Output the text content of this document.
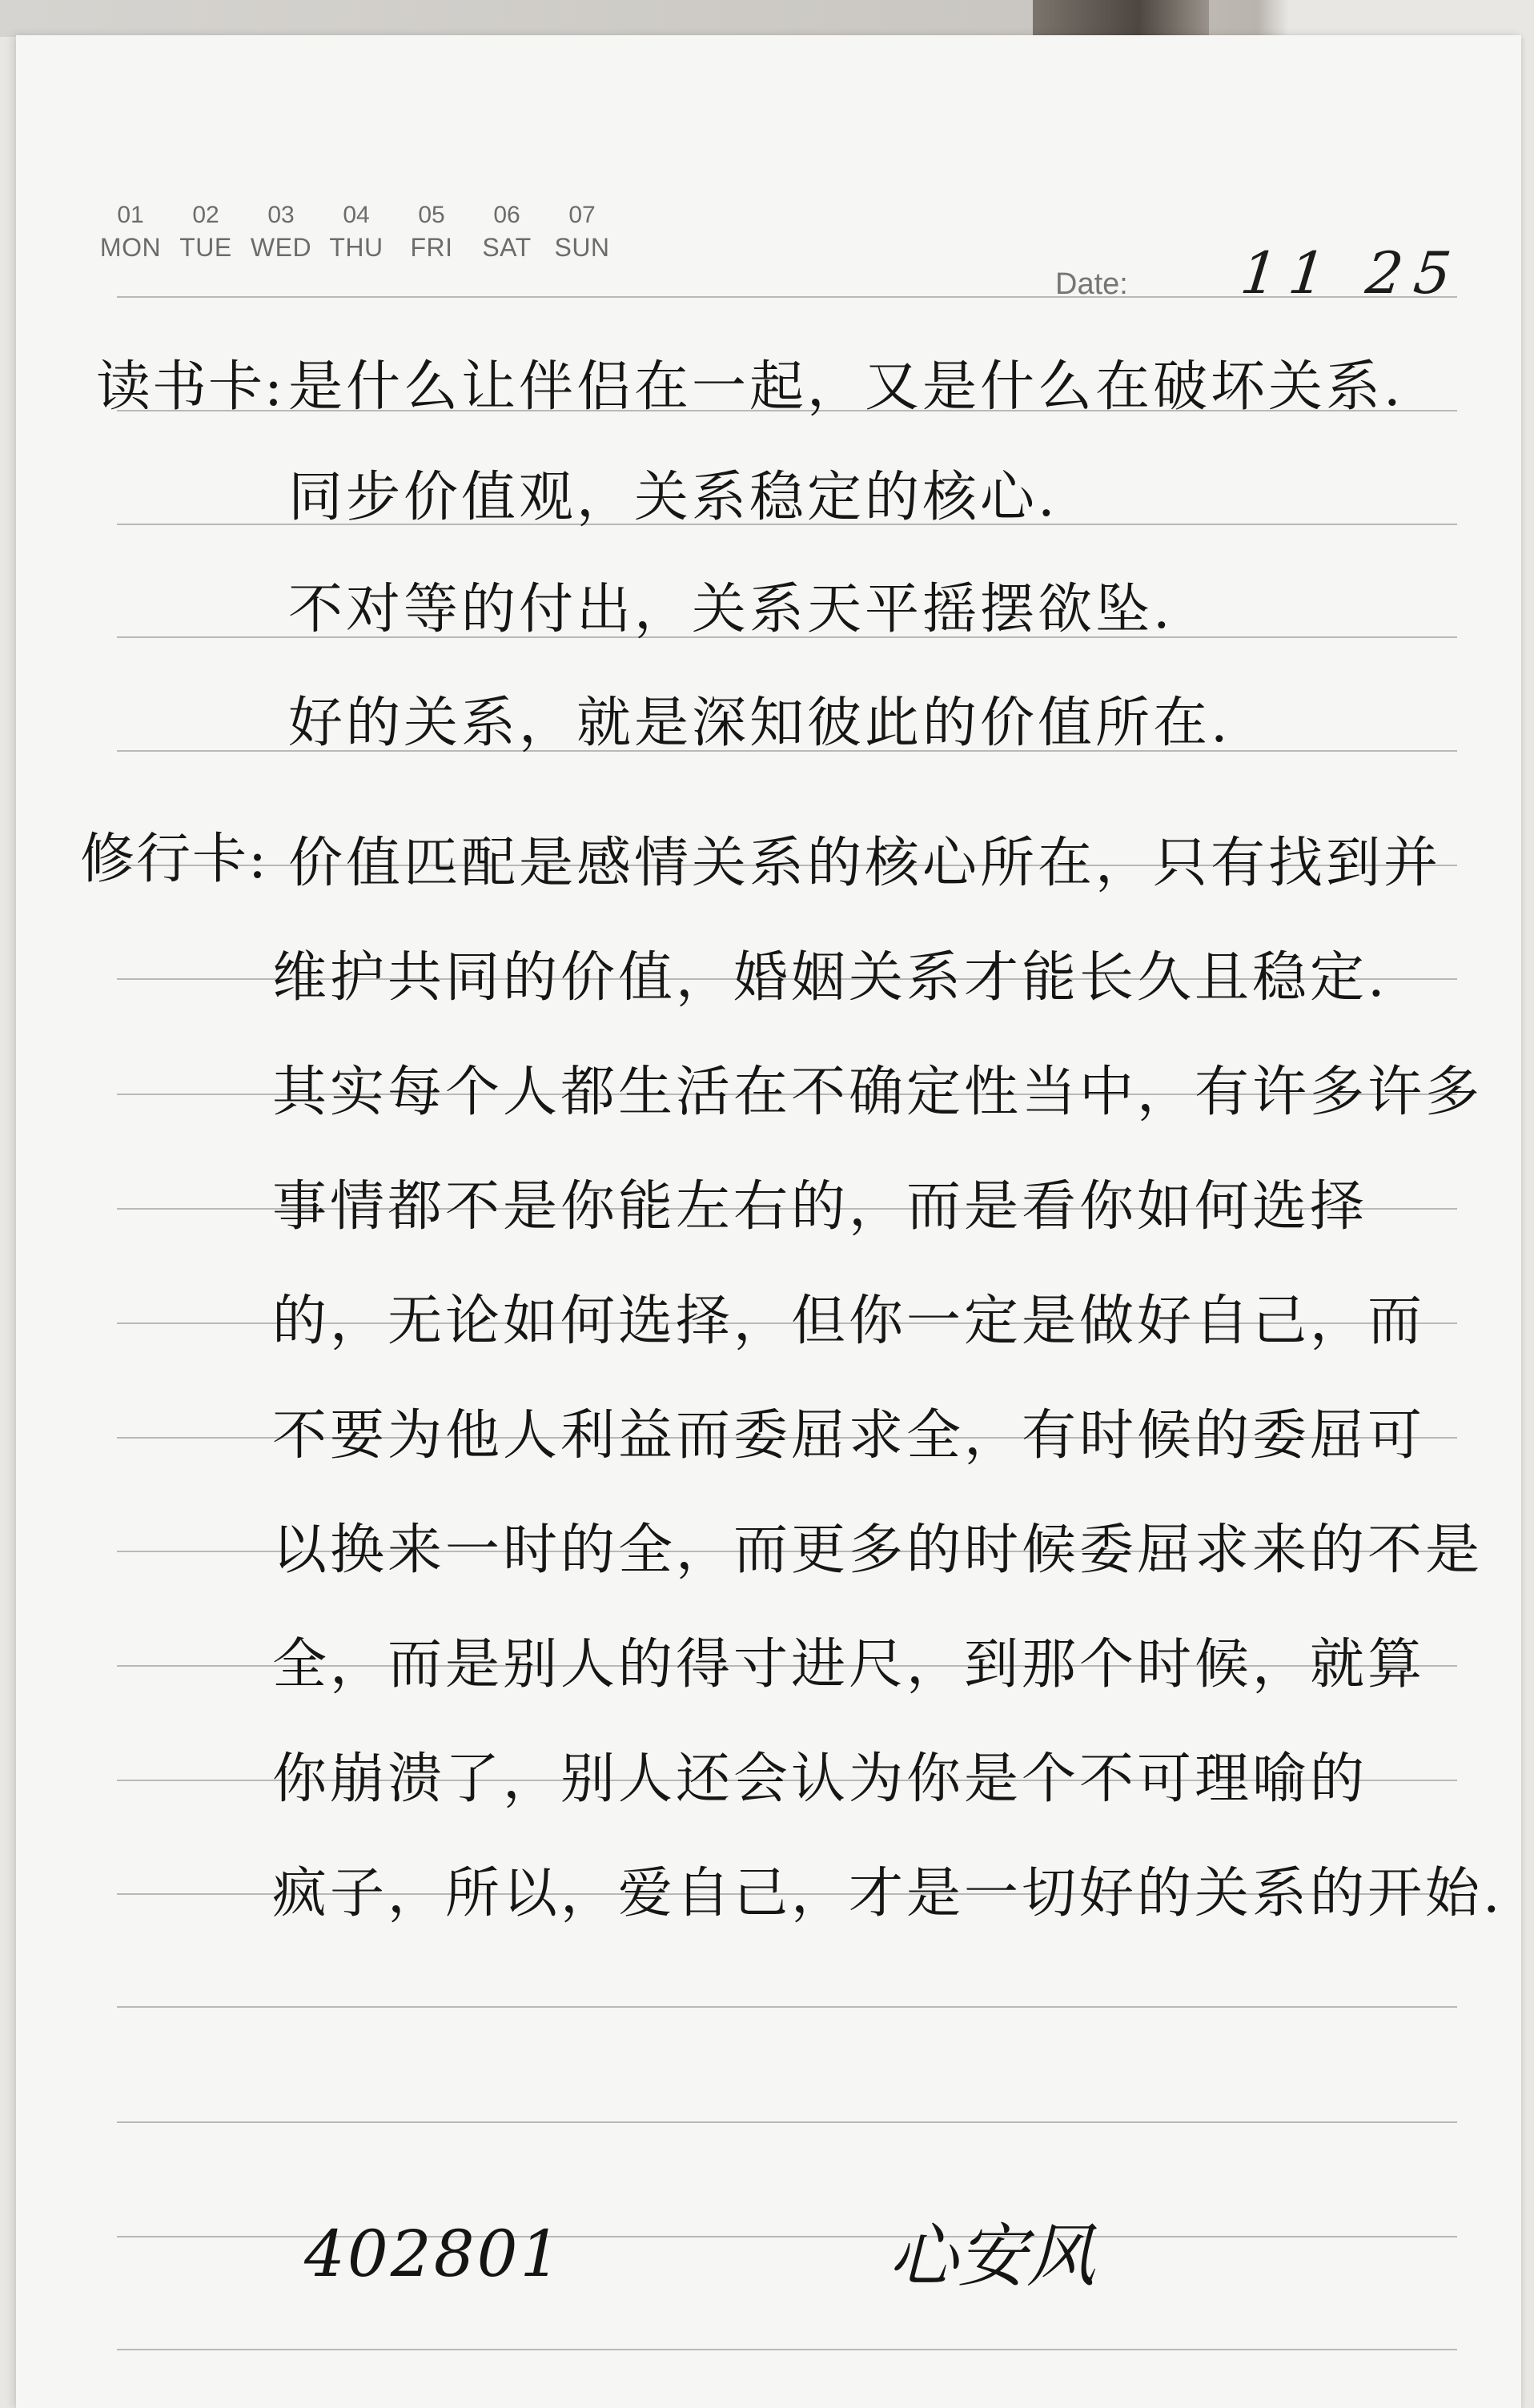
01
MON
02
TUE
03
WED
04
THU
05
FRI
06
SAT
07
SUN
Date: 11 25
读书卡: 是什么让伴侣在一起，又是什么在破坏关系.
同步价值观，关系稳定的核心.
不对等的付出，关系天平摇摆欲坠.
好的关系，就是深知彼此的价值所在.
修行卡: 价值匹配是感情关系的核心所在，只有找到并
维护共同的价值，婚姻关系才能长久且稳定.
其实每个人都生活在不确定性当中，有许多许多
事情都不是你能左右的，而是看你如何选择
的，无论如何选择，但你一定是做好自己，而
不要为他人利益而委屈求全，有时候的委屈可
以换来一时的全，而更多的时候委屈求来的不是
全，而是别人的得寸进尺，到那个时候，就算
你崩溃了，别人还会认为你是个不可理喻的
疯子，所以，爱自己，才是一切好的关系的开始.
402801	心安风
